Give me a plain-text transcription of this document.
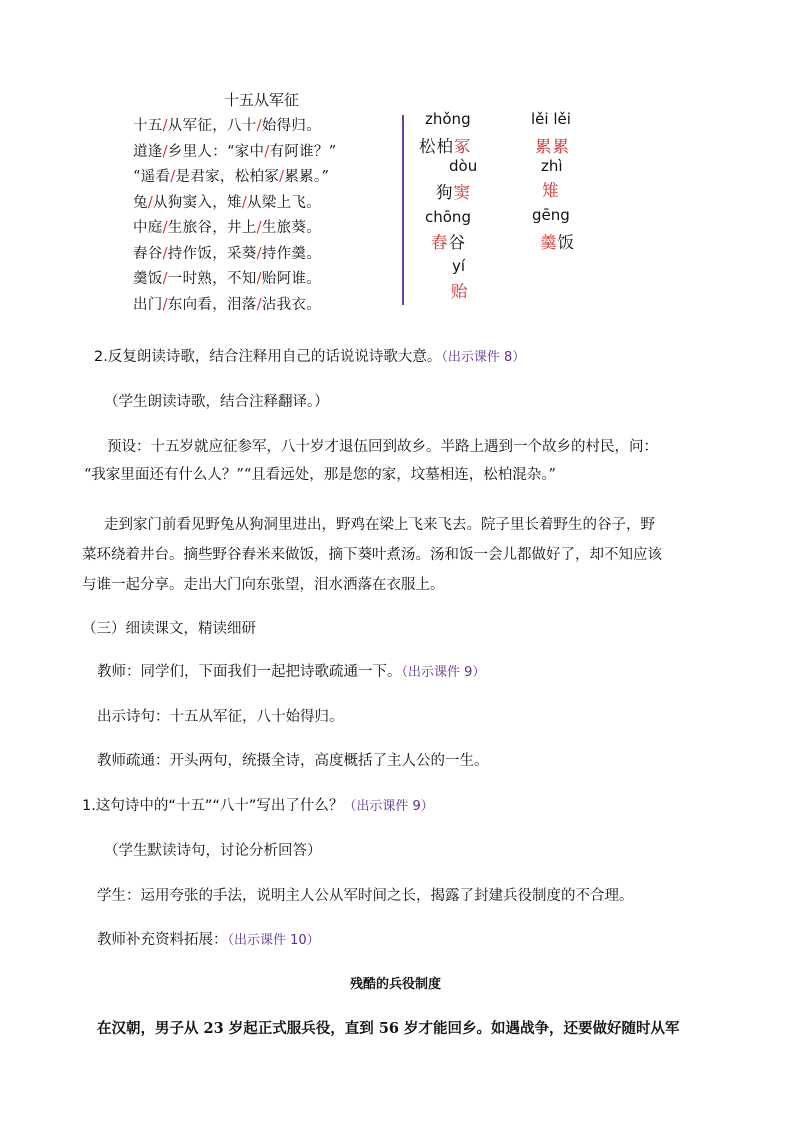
十五从军征
十五/从军征，八十/始得归。
道逢/乡里人：“家中/有阿谁？”
“遥看/是君家，松柏冢/累累。”
兔/从狗窦入，雉/从梁上飞。
中庭/生旅谷，井上/生旅葵。
舂谷/持作饭，采葵/持作羹。
羹饭/一时熟，不知/贻阿谁。
出门/东向看，泪落/沾我衣。
zhǒng
松柏冢
lěi lěi
累累
dòu
狗窦
zhì
雉
chōng
舂谷
gēng
羹饭
yí
贻
2.反复朗读诗歌，结合注释用自己的话说说诗歌大意。（出示课件 8）
（学生朗读诗歌，结合注释翻译。）
预设：十五岁就应征参军，八十岁才退伍回到故乡。半路上遇到一个故乡的村民，问：
“我家里面还有什么人？”“且看远处，那是您的家，坟墓相连，松柏混杂。”
走到家门前看见野兔从狗洞里进出，野鸡在梁上飞来飞去。院子里长着野生的谷子，野
菜环绕着井台。摘些野谷舂米来做饭，摘下葵叶煮汤。汤和饭一会儿都做好了，却不知应该
与谁一起分享。走出大门向东张望，泪水洒落在衣服上。
（三）细读课文，精读细研
教师：同学们，下面我们一起把诗歌疏通一下。（出示课件 9）
出示诗句：十五从军征，八十始得归。
教师疏通：开头两句，统摄全诗，高度概括了主人公的一生。
1.这句诗中的“十五”“八十”写出了什么？（出示课件 9）
（学生默读诗句，讨论分析回答）
学生：运用夸张的手法，说明主人公从军时间之长，揭露了封建兵役制度的不合理。
教师补充资料拓展：（出示课件 10）
残酷的兵役制度
在汉朝，男子从 23 岁起正式服兵役，直到 56 岁才能回乡。如遇战争，还要做好随时从军
